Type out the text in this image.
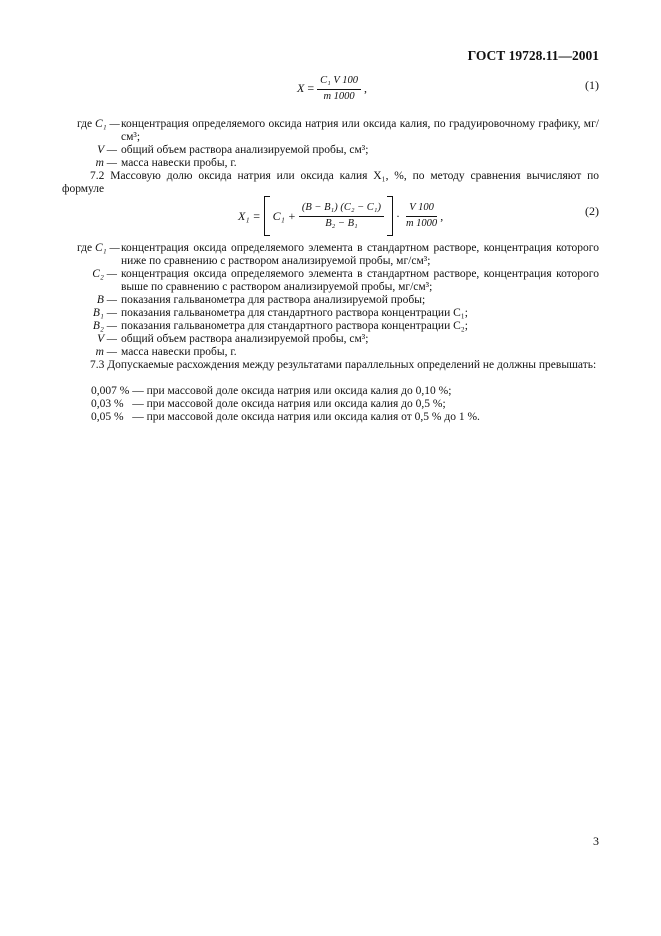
ГОСТ 19728.11—2001
$X = \frac{\text{C₁ V 100}}{m 1000}$ ,	(1)
где C₁ — концентрация определяемого оксида натрия или оксида калия, по градуировочному графику, мг/см³;
V — общий объем раствора анализируемой пробы, см³;
m — масса навески пробы, г.
7.2 Массовую долю оксида натрия или оксида калия X₁, %, по методу сравнения вычисляют по формуле
X₁ = C₁ +
$\frac{\text{(B − B₁) (C₂ − C₁)}}{\text{B₂ − B₁}}$ ·
$\frac{V 100}{m 1000}$ ,	(2)
где C₁ — концентрация оксида определяемого элемента в стандартном растворе, концентрация которого ниже по сравнению с раствором анализируемой пробы, мг/см³;
C₂ — концентрация оксида определяемого элемента в стандартном растворе, концентрация которого выше по сравнению с раствором анализируемой пробы, мг/см³;
B — показания гальванометра для раствора анализируемой пробы;
B₁ — показания гальванометра для стандартного раствора концентрации C₁;
B₂ — показания гальванометра для стандартного раствора концентрации C₂;
V — общий объем раствора анализируемой пробы, см³;
m — масса навески пробы, г.
7.3 Допускаемые расхождения между результатами параллельных определений не должны превышать:
0,007 % — при массовой доле оксида натрия или оксида калия до 0,10 %;
0,03 %   — при массовой доле оксида натрия или оксида калия до 0,5 %;
0,05 %   — при массовой доле оксида натрия или оксида калия от 0,5 % до 1 %.
3
